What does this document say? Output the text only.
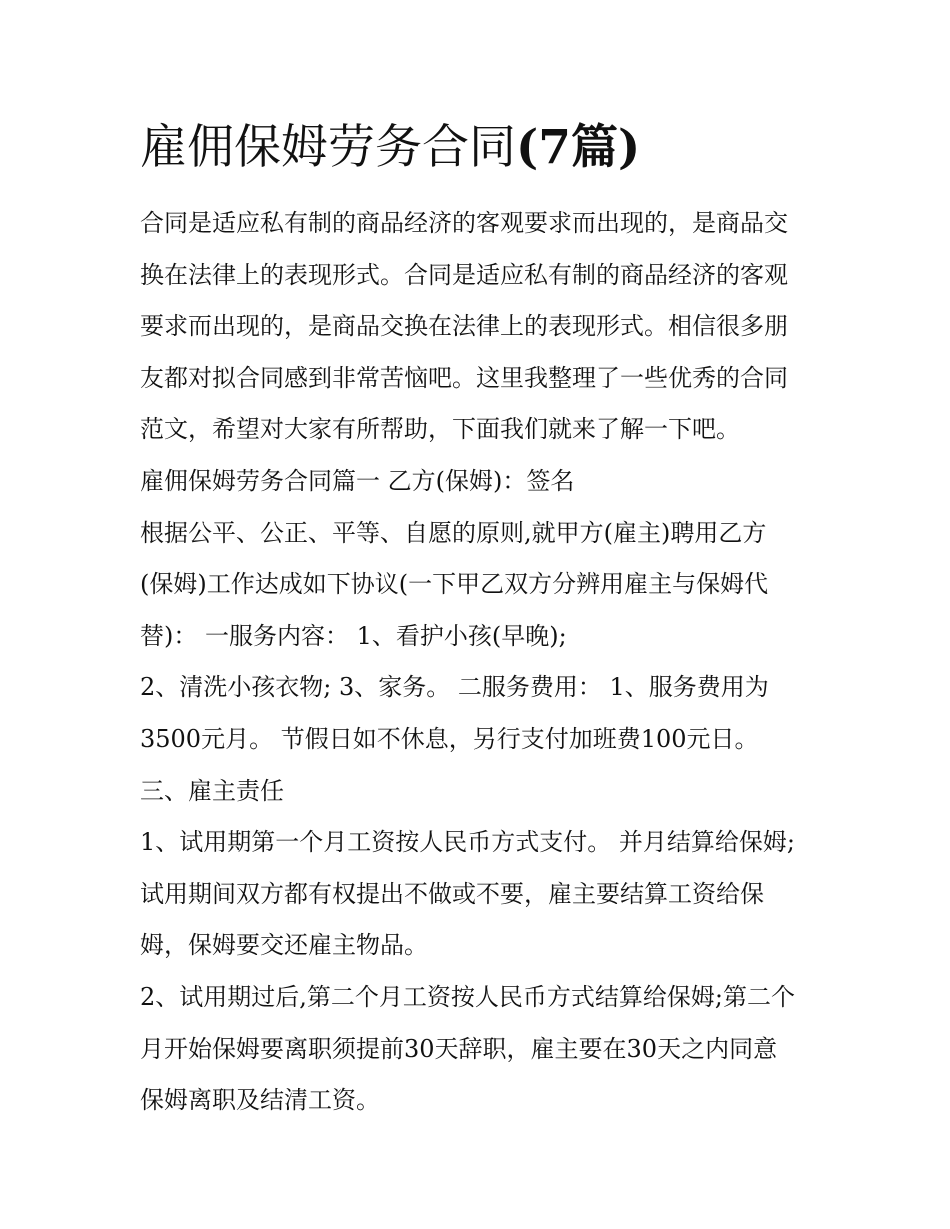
雇佣保姆劳务合同(7篇)
合同是适应私有制的商品经济的客观要求而出现的，是商品交
换在法律上的表现形式。合同是适应私有制的商品经济的客观
要求而出现的，是商品交换在法律上的表现形式。相信很多朋
友都对拟合同感到非常苦恼吧。这里我整理了一些优秀的合同
范文，希望对大家有所帮助，下面我们就来了解一下吧。
雇佣保姆劳务合同篇一 乙方(保姆)：签名
根据公平、公正、平等、自愿的原则,就甲方(雇主)聘用乙方
(保姆)工作达成如下协议(一下甲乙双方分辨用雇主与保姆代
替)： 一服务内容： 1、看护小孩(早晚);
2、清洗小孩衣物; 3、家务。 二服务费用： 1、服务费用为
3500元月。 节假日如不休息，另行支付加班费100元日。
三、雇主责任
1、试用期第一个月工资按人民币方式支付。 并月结算给保姆;
试用期间双方都有权提出不做或不要，雇主要结算工资给保
姆，保姆要交还雇主物品。
2、试用期过后,第二个月工资按人民币方式结算给保姆;第二个
月开始保姆要离职须提前30天辞职，雇主要在30天之内同意
保姆离职及结清工资。
